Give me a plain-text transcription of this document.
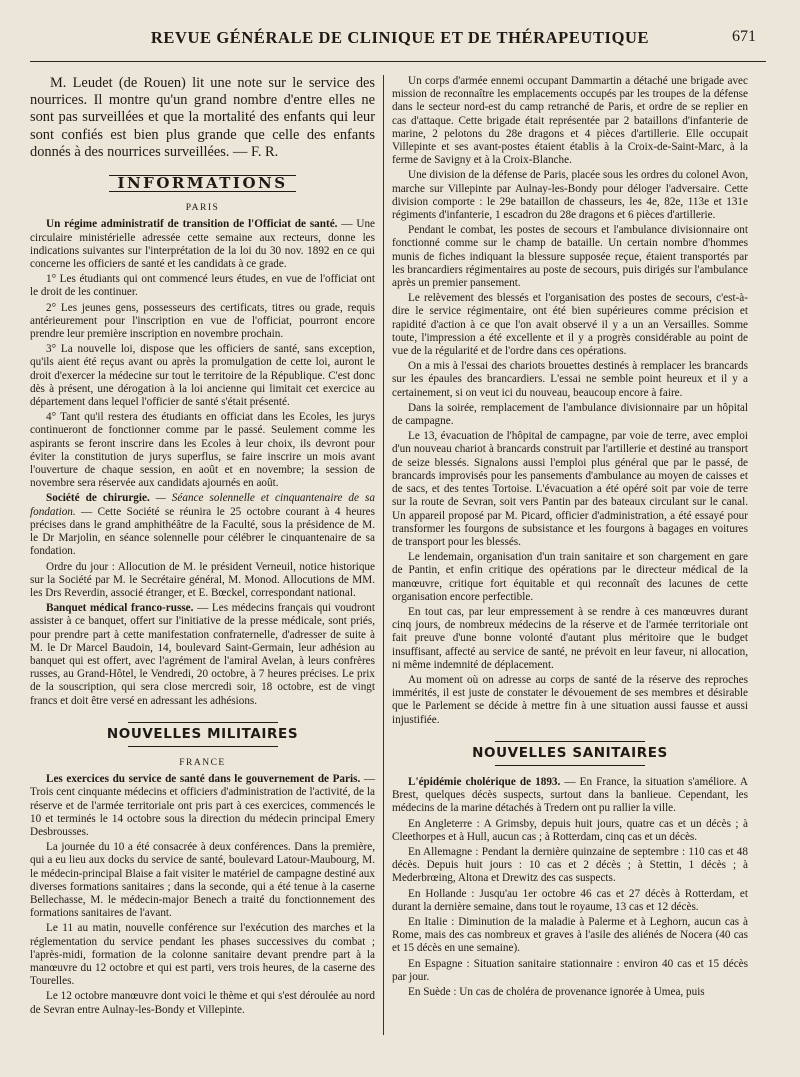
REVUE GÉNÉRALE DE CLINIQUE ET DE THÉRAPEUTIQUE	671

M. Leudet (de Rouen) lit une note sur le service des nourrices. Il montre qu'un grand nombre d'entre elles ne sont pas surveillées et que la mortalité des enfants qui leur sont confiés est bien plus grande que celle des enfants donnés à des nourrices surveillées. — F. R.

INFORMATIONS
PARIS

Un régime administratif de transition de l'Officiat de santé. — Une circulaire ministérielle adressée cette semaine aux recteurs, donne les indications suivantes sur l'interprétation de la loi du 30 nov. 1892 en ce qui concerne les officiers de santé et les candidats à ce grade.

1° Les étudiants qui ont commencé leurs études, en vue de l'officiat ont le droit de les continuer.

2° Les jeunes gens, possesseurs des certificats, titres ou grade, requis antérieurement pour l'inscription en vue de l'officiat, pourront encore prendre leur première inscription en novembre prochain.

3° La nouvelle loi, dispose que les officiers de santé, sans exception, qu'ils aient été reçus avant ou après la promulgation de cette loi, auront le droit d'exercer la médecine sur tout le territoire de la République. C'est donc dès à présent, une dérogation à la loi ancienne qui limitait cet exercice au département dans lequel l'officier de santé s'était présenté.

4° Tant qu'il restera des étudiants en officiat dans les Ecoles, les jurys continueront de fonctionner comme par le passé. Seulement comme les aspirants se feront inscrire dans les Ecoles à leur choix, ils devront pour éviter la constitution de jurys superflus, se faire inscrire un mois avant l'ouverture de chaque session, en août et en novembre; la session de novembre sera réservée aux candidats ajournés en août.

Société de chirurgie. — Séance solennelle et cinquantenaire de sa fondation. — Cette Société se réunira le 25 octobre courant à 4 heures précises dans le grand amphithéâtre de la Faculté, sous la présidence de M. le Dr Marjolin, en séance solennelle pour célébrer le cinquantenaire de sa fondation.

Ordre du jour : Allocution de M. le président Verneuil, notice historique sur la Société par M. le Secrétaire général, M. Monod. Allocutions de MM. les Drs Reverdin, associé étranger, et E. Bœckel, correspondant national.

Banquet médical franco-russe. — Les médecins français qui voudront assister à ce banquet, offert sur l'initiative de la presse médicale, sont priés, pour prendre part à cette manifestation confraternelle, d'adresser de suite à M. le Dr Marcel Baudoin, 14, boulevard Saint-Germain, leur adhésion au banquet qui est offert, avec l'agrément de l'amiral Avelan, à leurs confrères russes, au Grand-Hôtel, le Vendredi, 20 octobre, à 7 heures précises. Le prix de la souscription, qui sera close mercredi soir, 18 octobre, est de vingt francs et doit être versé en adressant les adhésions.

NOUVELLES MILITAIRES
FRANCE

Les exercices du service de santé dans le gouvernement de Paris. — Trois cent cinquante médecins et officiers d'administration de l'activité, de la réserve et de l'armée territoriale ont pris part à ces exercices, commencés le 10 et terminés le 14 octobre sous la direction du médecin principal Emery Desbrousses.

La journée du 10 a été consacrée à deux conférences. Dans la première, qui a eu lieu aux docks du service de santé, boulevard Latour-Maubourg, M. le médecin-principal Blaise a fait visiter le matériel de campagne destiné aux diverses formations sanitaires ; dans la seconde, qui a été tenue à la caserne Bellechasse, M. le médecin-major Benech a traité du fonctionnement des formations sanitaires de l'avant.

Le 11 au matin, nouvelle conférence sur l'exécution des marches et la réglementation du service pendant les phases successives du combat ; l'après-midi, formation de la colonne sanitaire devant prendre part à la manœuvre du 12 octobre et qui est parti, vers trois heures, de la caserne des Tourelles.

Le 12 octobre manœuvre dont voici le thème et qui s'est déroulée au nord de Sevran entre Aulnay-les-Bondy et Villepinte.

Un corps d'armée ennemi occupant Dammartin a détaché une brigade avec mission de reconnaître les emplacements occupés par les troupes de la défense dans le secteur nord-est du camp retranché de Paris, et ordre de se replier en cas d'attaque. Cette brigade était représentée par 2 bataillons d'infanterie de marine, 2 pelotons du 28e dragons et 4 pièces d'artillerie. Elle occupait Villepinte et ses avant-postes étaient établis à la Croix-de-Saint-Marc, à la ferme de Savigny et à la Croix-Blanche.

Une division de la défense de Paris, placée sous les ordres du colonel Avon, marche sur Villepinte par Aulnay-les-Bondy pour déloger l'adversaire. Cette division comporte : le 29e bataillon de chasseurs, les 4e, 82e, 113e et 131e régiments d'infanterie, 1 escadron du 28e dragons et 6 pièces d'artillerie.

Pendant le combat, les postes de secours et l'ambulance divisionnaire ont fonctionné comme sur le champ de bataille. Un certain nombre d'hommes munis de fiches indiquant la blessure supposée reçue, étaient transportés par les brancardiers régimentaires au poste de secours, puis dirigés sur l'ambulance après un premier pansement.

Le relèvement des blessés et l'organisation des postes de secours, c'est-à-dire le service régimentaire, ont été bien supérieures comme précision et rapidité d'action à ce que l'on avait observé il y a un an Versailles. Somme toute, l'impression a été excellente et il y a progrès considérable au point de vue de la régularité et de l'ordre dans ces opérations.

On a mis à l'essai des chariots brouettes destinés à remplacer les brancards sur les épaules des brancardiers. L'essai ne semble point heureux et il y a certainement, si on veut ici du nouveau, beaucoup encore à faire.

Dans la soirée, remplacement de l'ambulance divisionnaire par un hôpital de campagne.

Le 13, évacuation de l'hôpital de campagne, par voie de terre, avec emploi d'un nouveau chariot à brancards construit par l'artillerie et destiné au transport de seize blessés. Signalons aussi l'emploi plus général que par le passé, de brancards improvisés pour les pansements d'ambulance au moyen de caisses et de sacs, et des tentes Tortoise. L'évacuation a été opéré soit par voie de terre sur la route de Sevran, soit vers Pantin par des bateaux circulant sur le canal. Un appareil proposé par M. Picard, officier d'administration, a été essayé pour transformer les fourgons de subsistance et les fourgons à bagages en voitures de transport pour les blessés.

Le lendemain, organisation d'un train sanitaire et son chargement en gare de Pantin, et enfin critique des opérations par le directeur médical de la manœuvre, critique fort équitable et qui reconnaît des lacunes de cette organisation encore perfectible.

En tout cas, par leur empressement à se rendre à ces manœuvres durant cinq jours, de nombreux médecins de la réserve et de l'armée territoriale ont fait preuve d'une bonne volonté d'autant plus méritoire que le budget insuffisant, affecté au service de santé, ne prévoit en leur faveur, ni allocation, ni même indemnité de déplacement.

Au moment où on adresse au corps de santé de la réserve des reproches immérités, il est juste de constater le dévouement de ses membres et désirable que le Parlement se décide à mettre fin à une situation aussi fausse et aussi injustifiée.

NOUVELLES SANITAIRES

L'épidémie cholérique de 1893. — En France, la situation s'améliore. A Brest, quelques décès suspects, surtout dans la banlieue. Cependant, les médecins de la marine détachés à Tredern ont pu rallier la ville.

En Angleterre : A Grimsby, depuis huit jours, quatre cas et un décès ; à Cleethorpes et à Hull, aucun cas ; à Rotterdam, cinq cas et un décès.

En Allemagne : Pendant la dernière quinzaine de septembre : 110 cas et 48 décès. Depuis huit jours : 10 cas et 2 décès ; à Stettin, 1 décès ; à Mederbrœing, Altona et Drewitz des cas suspects.

En Hollande : Jusqu'au 1er octobre 46 cas et 27 décès à Rotterdam, et durant la dernière semaine, dans tout le royaume, 13 cas et 12 décès.

En Italie : Diminution de la maladie à Palerme et à Leghorn, aucun cas à Rome, mais des cas nombreux et graves à l'asile des aliénés de Nocera (40 cas et 15 décès en une semaine).

En Espagne : Situation sanitaire stationnaire : environ 40 cas et 15 décès par jour.

En Suède : Un cas de choléra de provenance ignorée à Umea, puis
